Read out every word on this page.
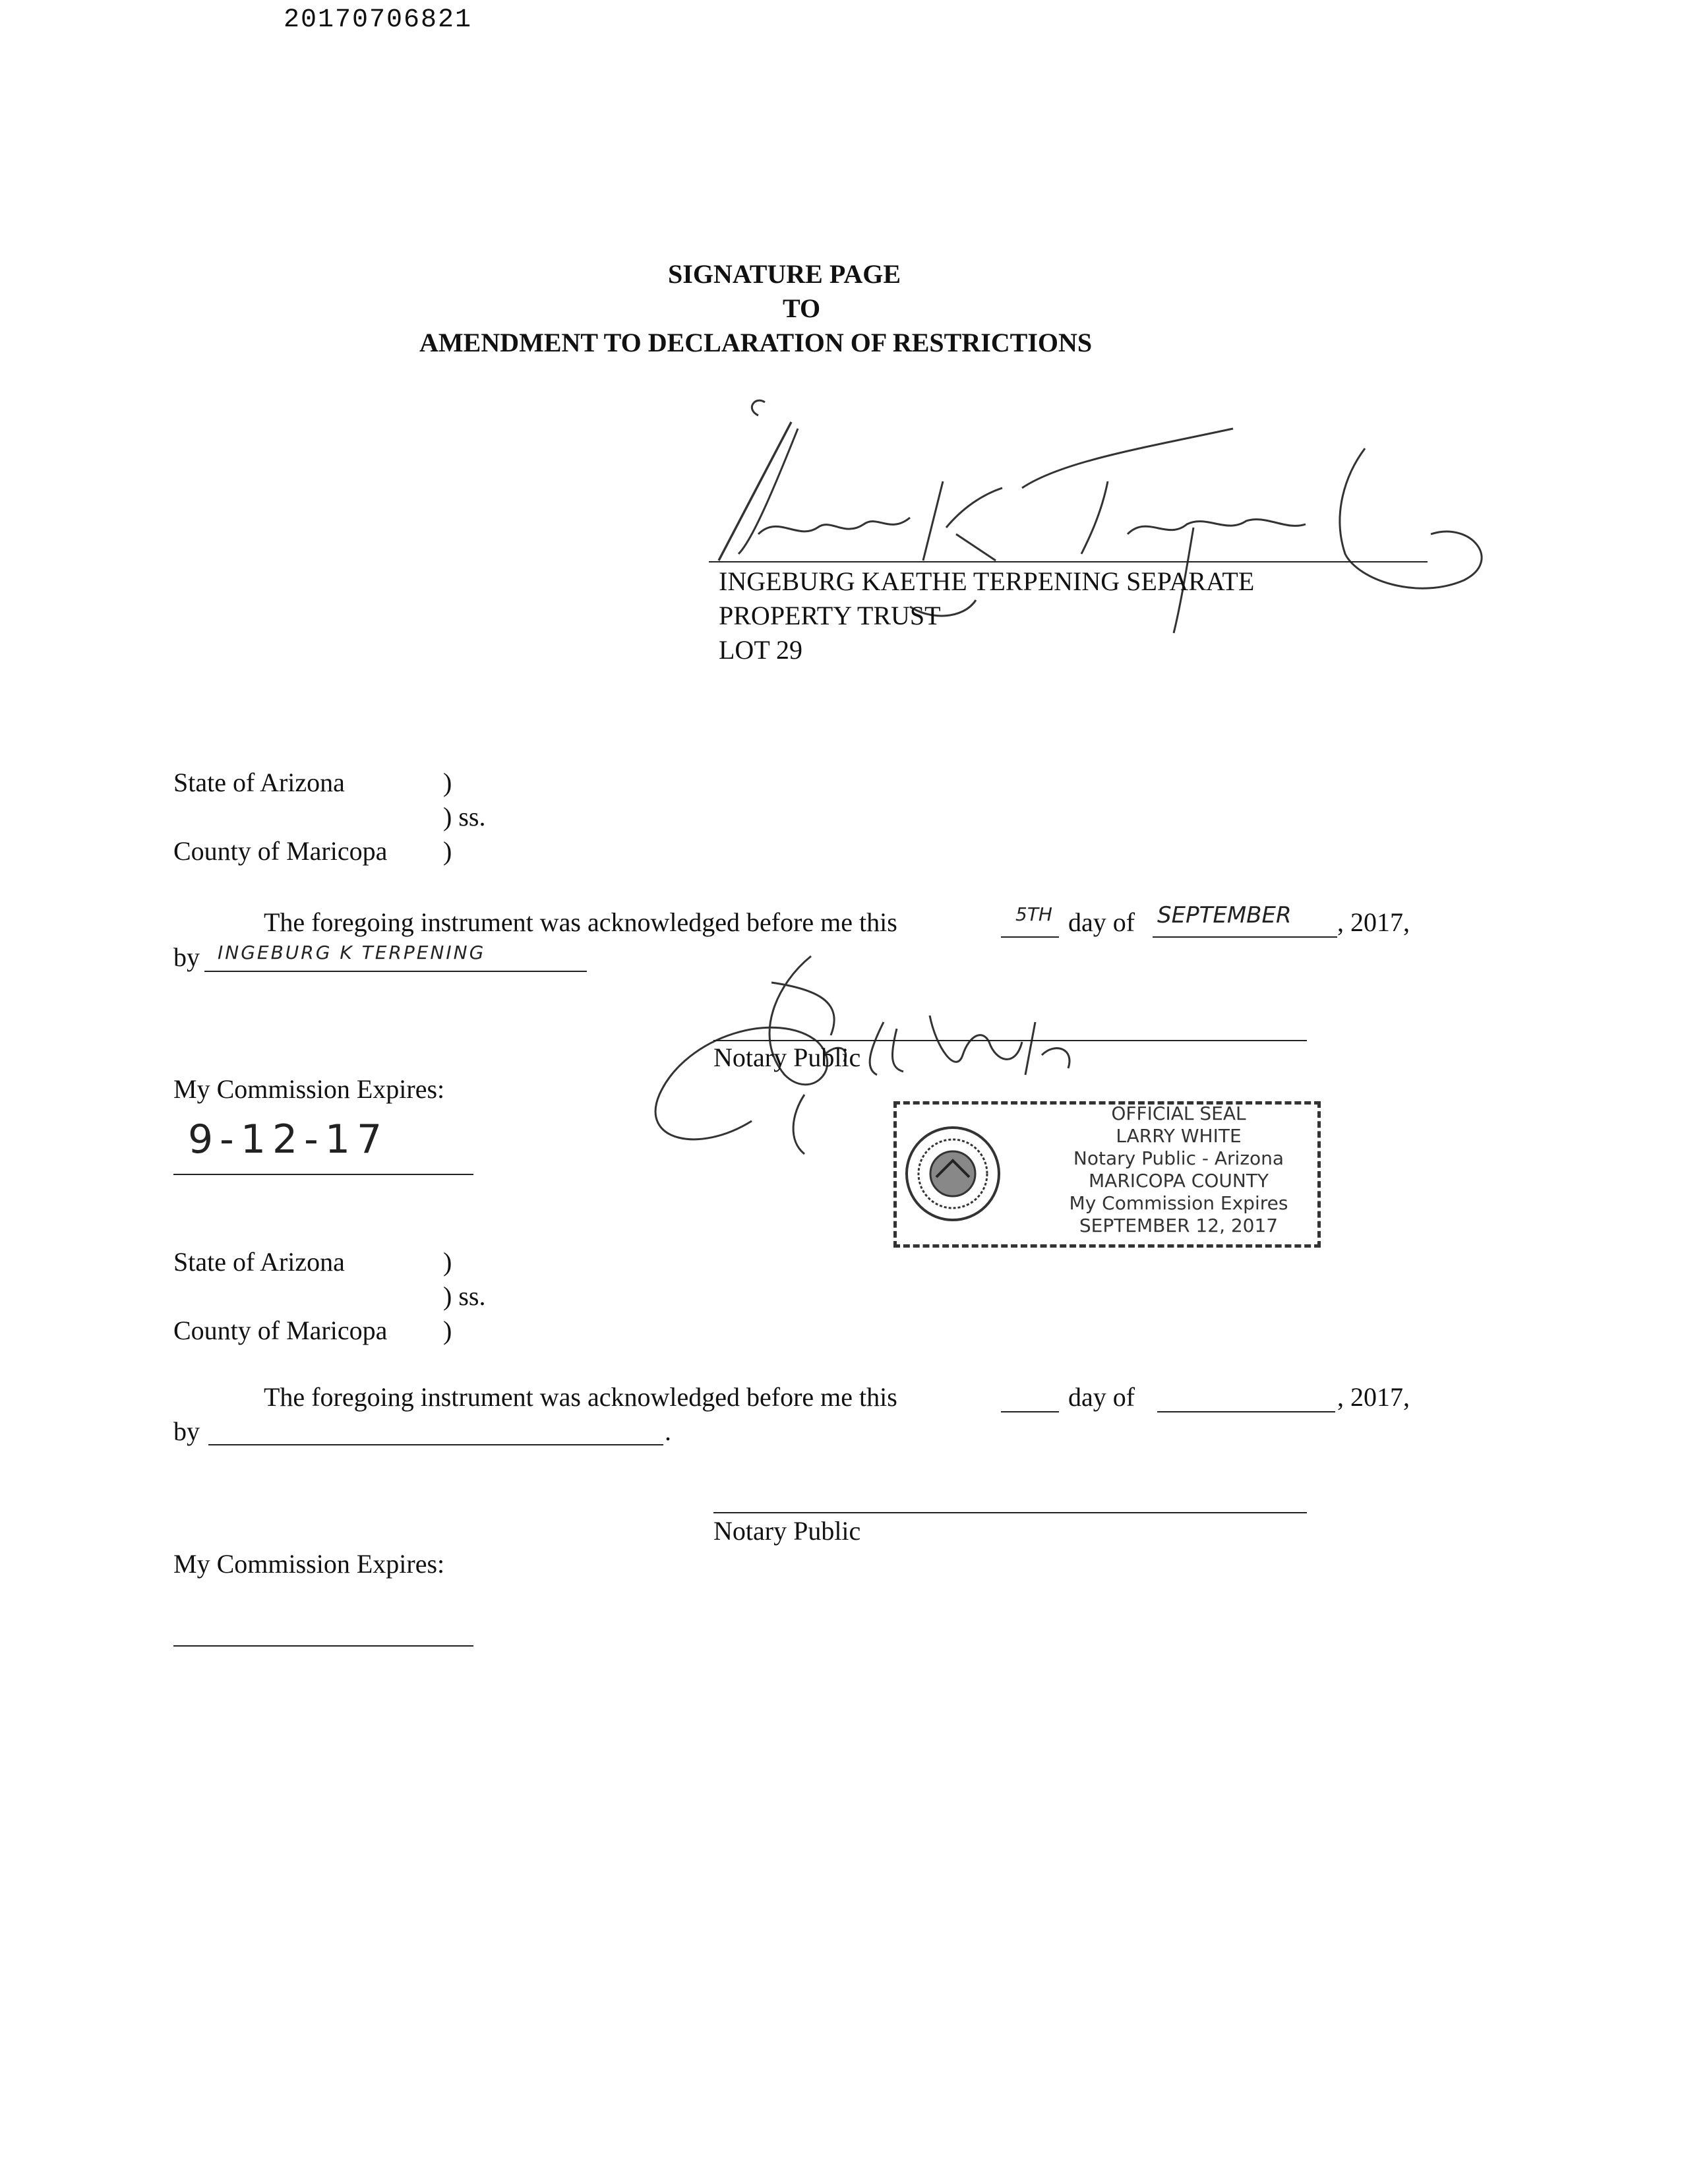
20170706821
SIGNATURE PAGE
TO
AMENDMENT TO DECLARATION OF RESTRICTIONS
INGEBURG KAETHE TERPENING SEPARATE
PROPERTY TRUST
LOT 29
State of Arizona	)
) ss.
County of Maricopa )
The foregoing instrument was acknowledged before me this	5TH day of SEPTEMBER , 2017,
by INGEBURG K TERPENING
Notary Public
My Commission Expires:
9-12-17
OFFICIAL SEAL
LARRY WHITE
Notary Public - Arizona
MARICOPA COUNTY
My Commission Expires
SEPTEMBER 12, 2017
State of Arizona	)
) ss.
County of Maricopa )
The foregoing instrument was acknowledged before me this	day of	, 2017,
by	.
Notary Public
My Commission Expires:
